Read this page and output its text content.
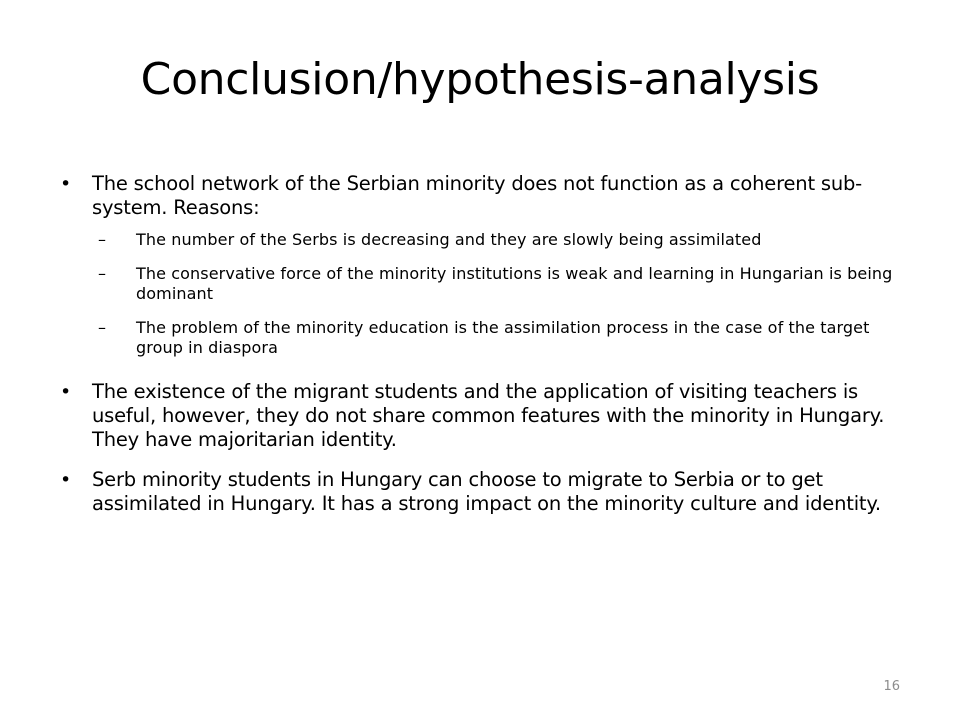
Conclusion/hypothesis-analysis
• The school network of the Serbian minority does not function as a coherent sub-system. Reasons:
– The number of the Serbs is decreasing and they are slowly being assimilated
– The conservative force of the minority institutions is weak and learning in Hungarian is being dominant
– The problem of the minority education is the assimilation process in the case of the target group in diaspora
• The existence of the migrant students and the application of visiting teachers is useful, however, they do not share common features with the minority in Hungary. They have majoritarian identity.
• Serb minority students in Hungary can choose to migrate to Serbia or to get assimilated in Hungary. It has a strong impact on the minority culture and identity.
16
